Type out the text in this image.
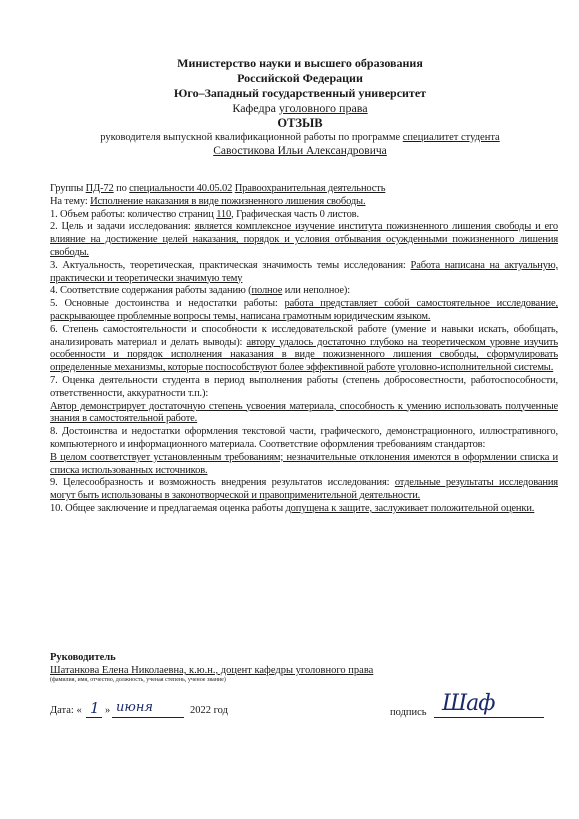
Министерство науки и высшего образования
Российской Федерации
Юго–Западный государственный университет
Кафедра уголовного права
ОТЗЫВ
руководителя выпускной квалификационной работы по программе специалитет студента
Савостикова Ильи Александровича

Группы ПД-72 по специальности 40.05.02 Правоохранительная деятельность

На тему: Исполнение наказания в виде пожизненного лишения свободы.

1. Объем работы: количество страниц 110, Графическая часть 0 листов.

2. Цель и задачи исследования: является комплексное изучение института пожизненного лишения свободы и его влияние на достижение целей наказания, порядок и условия отбывания осужденными пожизненного лишения свободы.

3. Актуальность, теоретическая, практическая значимость темы исследования: Работа написана на актуальную, практически и теоретически значимую тему

4. Соответствие содержания работы заданию (полное или неполное):

5. Основные достоинства и недостатки работы: работа представляет собой самостоятельное исследование, раскрывающее проблемные вопросы темы, написана грамотным юридическим языком.

6. Степень самостоятельности и способности к исследовательской работе (умение и навыки искать, обобщать, анализировать материал и делать выводы): автору удалось достаточно глубоко на теоретическом уровне изучить особенности и порядок исполнения наказания в виде пожизненного лишения свободы, сформулировать определенные механизмы, которые поспособствуют более эффективной работе уголовно-исполнительной системы.

7. Оценка деятельности студента в период выполнения работы (степень добросовестности, работоспособности, ответственности, аккуратности т.п.):

Автор демонстрирует достаточную степень усвоения материала, способность к умению использовать полученные знания в самостоятельной работе.

8. Достоинства и недостатки оформления текстовой части, графического, демонстрационного, иллюстративного, компьютерного и информационного материала. Соответствие оформления требованиям стандартов:

В целом соответствует установленным требованиям; незначительные отклонения имеются в оформлении списка и списка использованных источников.

9. Целесообразность и возможность внедрения результатов исследования: отдельные результаты исследования могут быть использованы в законотворческой и правоприменительной деятельности.

10. Общее заключение и предлагаемая оценка работы допущена к защите, заслуживает положительной оценки.

Руководитель
Шатанкова Елена Николаевна, к.ю.н., доцент кафедры уголовного права
(фамилия, имя, отчество, должность, ученая степень, ученое звание)
Дата: « 1 » июня	2022 год	подпись Шаф
